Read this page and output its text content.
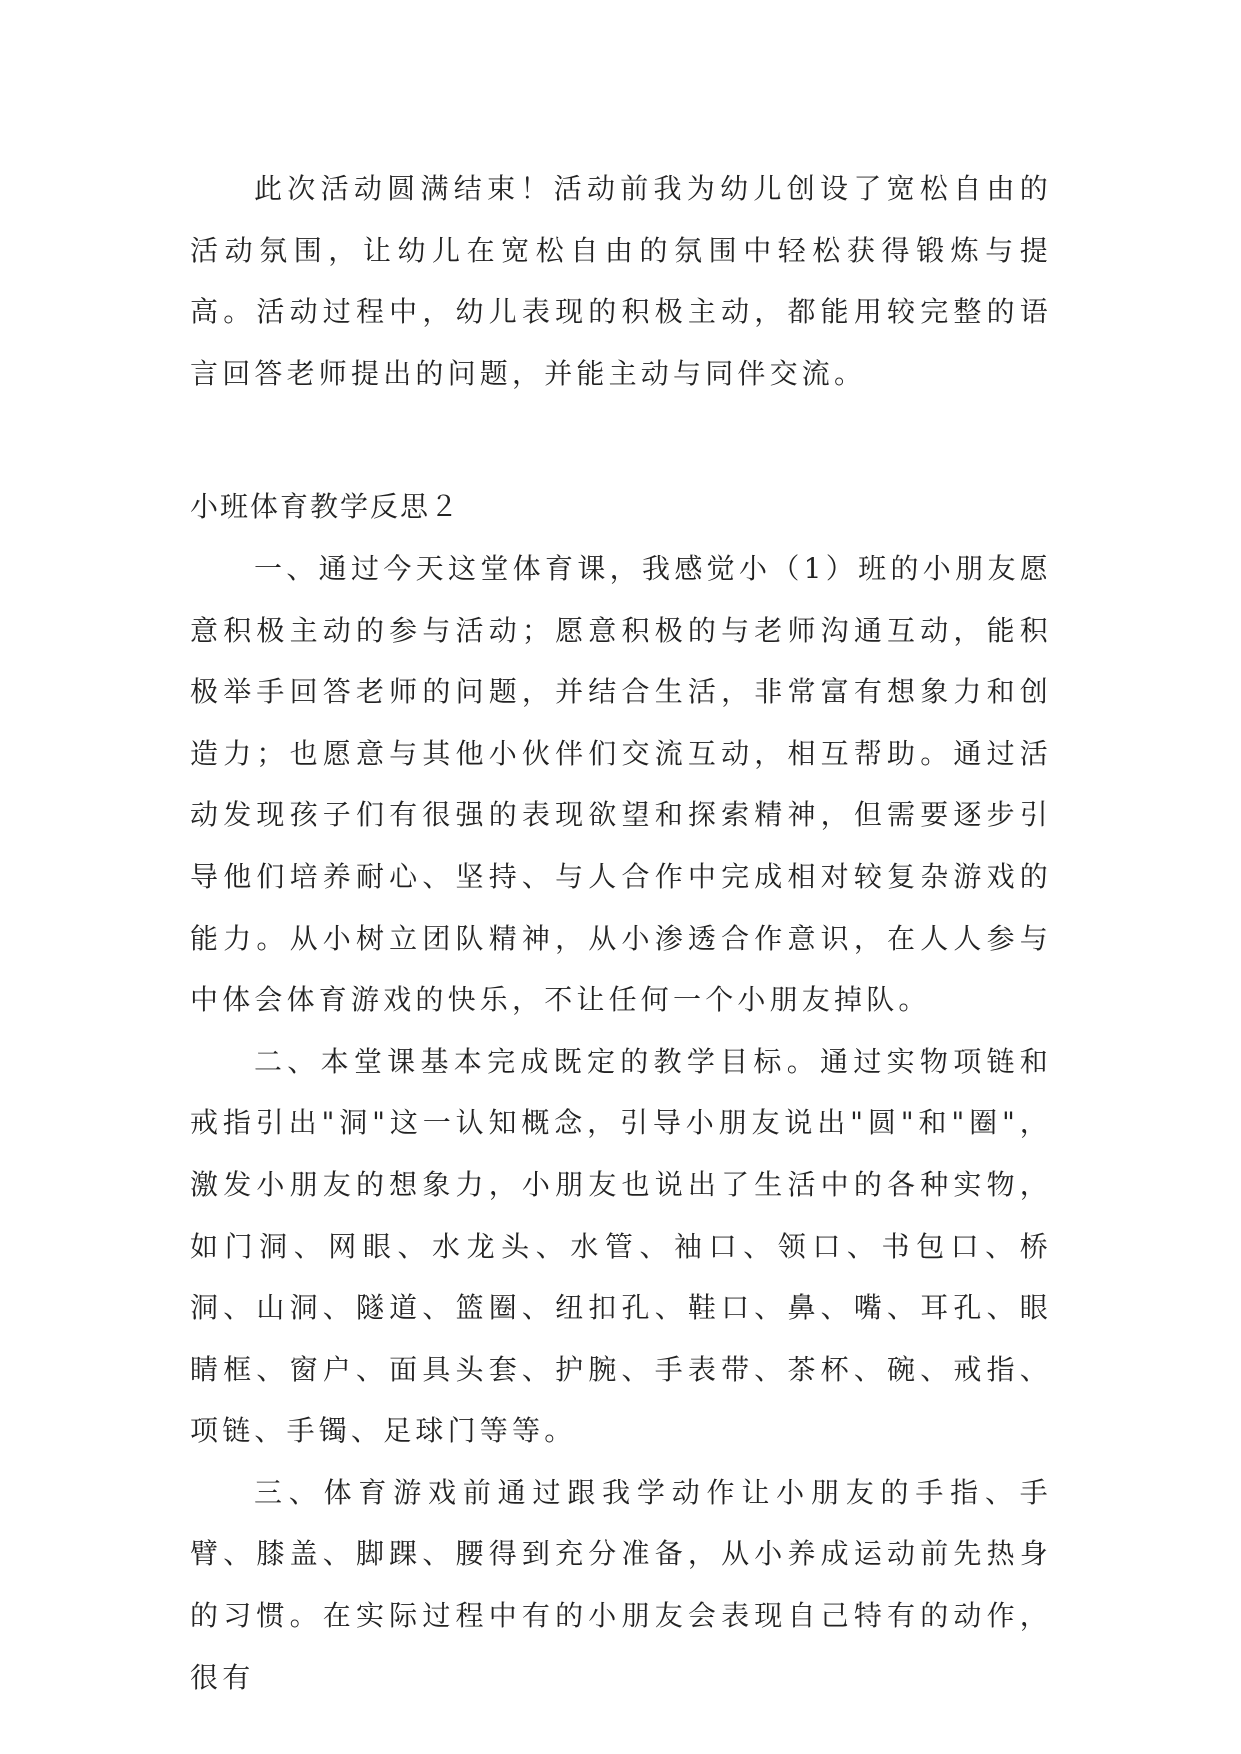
此次活动圆满结束！活动前我为幼儿创设了宽松自由的活动氛围，让幼儿在宽松自由的氛围中轻松获得锻炼与提高。活动过程中，幼儿表现的积极主动，都能用较完整的语言回答老师提出的问题，并能主动与同伴交流。

小班体育教学反思２

一、通过今天这堂体育课，我感觉小（1）班的小朋友愿意积极主动的参与活动；愿意积极的与老师沟通互动，能积极举手回答老师的问题，并结合生活，非常富有想象力和创造力；也愿意与其他小伙伴们交流互动，相互帮助。通过活动发现孩子们有很强的表现欲望和探索精神，但需要逐步引导他们培养耐心、坚持、与人合作中完成相对较复杂游戏的能力。从小树立团队精神，从小渗透合作意识，在人人参与中体会体育游戏的快乐，不让任何一个小朋友掉队。

二、本堂课基本完成既定的教学目标。通过实物项链和戒指引出"洞"这一认知概念，引导小朋友说出"圆"和"圈"，激发小朋友的想象力，小朋友也说出了生活中的各种实物，如门洞、网眼、水龙头、水管、袖口、领口、书包口、桥洞、山洞、隧道、篮圈、纽扣孔、鞋口、鼻、嘴、耳孔、眼睛框、窗户、面具头套、护腕、手表带、茶杯、碗、戒指、项链、手镯、足球门等等。

三、体育游戏前通过跟我学动作让小朋友的手指、手臂、膝盖、脚踝、腰得到充分准备，从小养成运动前先热身的习惯。在实际过程中有的小朋友会表现自己特有的动作，很有
